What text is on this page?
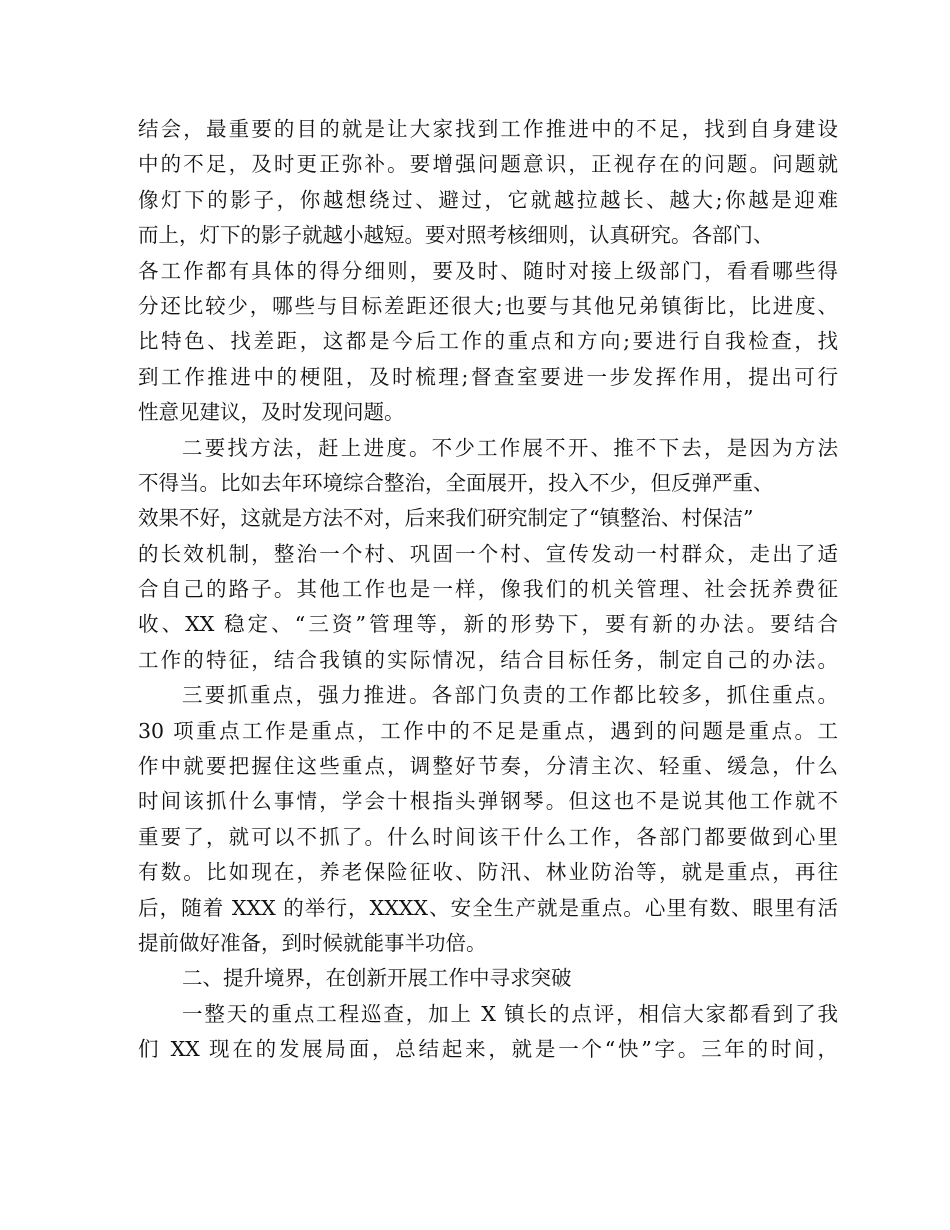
结会，最重要的目的就是让大家找到工作推进中的不足，找到自身建设
中的不足，及时更正弥补。要增强问题意识，正视存在的问题。问题就
像灯下的影子，你越想绕过、避过，它就越拉越长、越大;你越是迎难
而上，灯下的影子就越小越短。要对照考核细则，认真研究。各部门、
各工作都有具体的得分细则，要及时、随时对接上级部门，看看哪些得
分还比较少，哪些与目标差距还很大;也要与其他兄弟镇街比，比进度、
比特色、找差距，这都是今后工作的重点和方向;要进行自我检查，找
到工作推进中的梗阻，及时梳理;督查室要进一步发挥作用，提出可行
性意见建议，及时发现问题。
二要找方法，赶上进度。不少工作展不开、推不下去，是因为方法
不得当。比如去年环境综合整治，全面展开，投入不少，但反弹严重、
效果不好，这就是方法不对，后来我们研究制定了“镇整治、村保洁”
的长效机制，整治一个村、巩固一个村、宣传发动一村群众，走出了适
合自己的路子。其他工作也是一样，像我们的机关管理、社会抚养费征
收、XX 稳定、“三资”管理等，新的形势下，要有新的办法。要结合
工作的特征，结合我镇的实际情况，结合目标任务，制定自己的办法。
三要抓重点，强力推进。各部门负责的工作都比较多，抓住重点。
30 项重点工作是重点，工作中的不足是重点，遇到的问题是重点。工
作中就要把握住这些重点，调整好节奏，分清主次、轻重、缓急，什么
时间该抓什么事情，学会十根指头弹钢琴。但这也不是说其他工作就不
重要了，就可以不抓了。什么时间该干什么工作，各部门都要做到心里
有数。比如现在，养老保险征收、防汛、林业防治等，就是重点，再往
后，随着 XXX 的举行，XXXX、安全生产就是重点。心里有数、眼里有活
提前做好准备，到时候就能事半功倍。
二、提升境界，在创新开展工作中寻求突破
一整天的重点工程巡查，加上 X 镇长的点评，相信大家都看到了我
们 XX 现在的发展局面，总结起来，就是一个“快”字。三年的时间，
